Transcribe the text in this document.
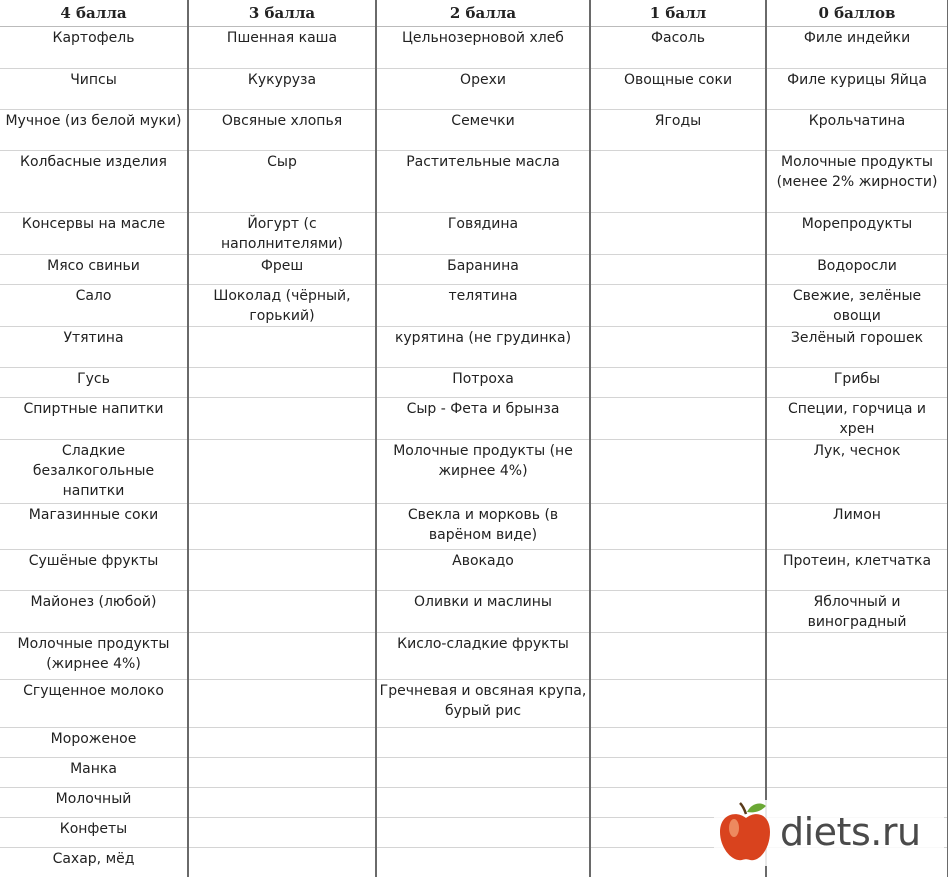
4 балла	3 балла	2 балла	1 балл	0 баллов
Картофель	Пшенная каша	Цельнозерновой хлеб	Фасоль	Филе индейки
Чипсы	Кукуруза	Орехи	Овощные соки	Филе курицы Яйца
Мучное (из белой муки)	Овсяные хлопья	Семечки	Ягоды	Крольчатина
Колбасные изделия	Сыр	Растительные масла		Молочные продукты (менее 2% жирности)
Консервы на масле	Йогурт (с наполнителями)	Говядина		Морепродукты
Мясо свиньи	Фреш	Баранина		Водоросли
Сало	Шоколад (чёрный, горький)	телятина		Свежие, зелёные овощи
Утятина		курятина (не грудинка)		Зелёный горошек
Гусь		Потроха		Грибы
Спиртные напитки		Сыр - Фета и брынза		Специи, горчица и хрен
Сладкие безалкогольные напитки		Молочные продукты (не жирнее 4%)		Лук, чеснок
Магазинные соки		Свекла и морковь (в варёном виде)		Лимон
Сушёные фрукты		Авокадо		Протеин, клетчатка
Майонез (любой)		Оливки и маслины		Яблочный и виноградный
Молочные продукты (жирнее 4%)		Кисло-сладкие фрукты		
Сгущенное молоко		Гречневая и овсяная крупа, бурый рис		
Мороженое				
Манка				
Молочный				
Конфеты				
Сахар, мёд				
diets.ru
